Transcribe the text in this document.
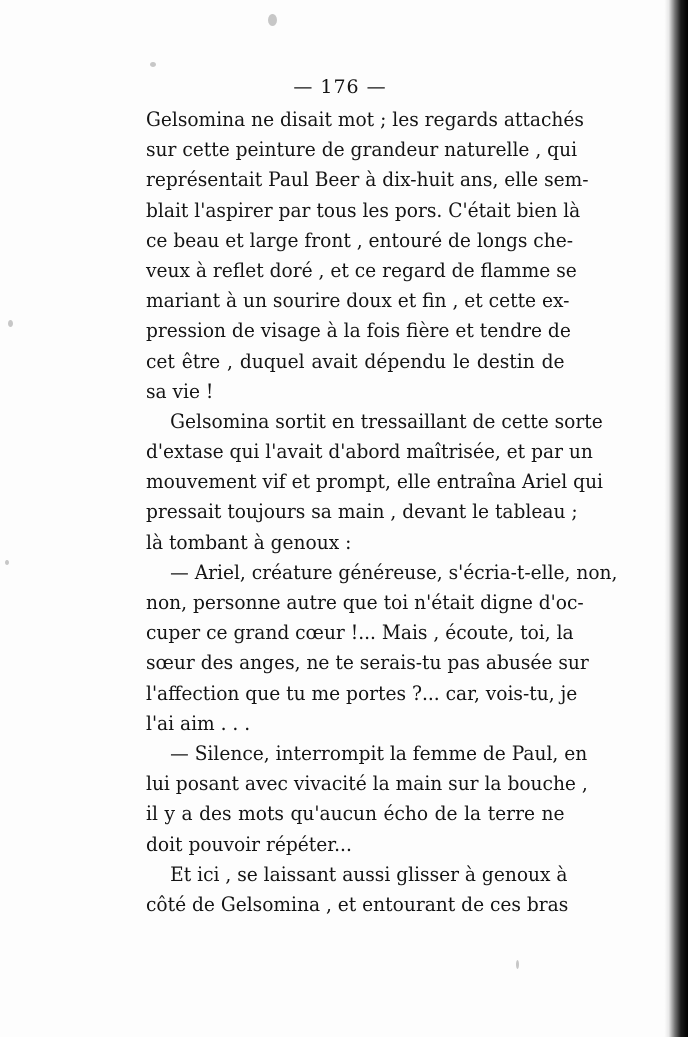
— 176 —
Gelsomina ne disait mot ; les regards attachés
sur cette peinture de grandeur naturelle , qui
représentait Paul Beer à dix-huit ans, elle sem-
blait l'aspirer par tous les pors. C'était bien là
ce beau et large front , entouré de longs che-
veux à reflet doré , et ce regard de flamme se
mariant à un sourire doux et fin , et cette ex-
pression de visage à la fois fière et tendre de
cet être , duquel avait dépendu le destin de
sa vie !
Gelsomina sortit en tressaillant de cette sorte
d'extase qui l'avait d'abord maîtrisée, et par un
mouvement vif et prompt, elle entraîna Ariel qui
pressait toujours sa main , devant le tableau ;
là tombant à genoux :
— Ariel, créature généreuse, s'écria-t-elle, non,
non, personne autre que toi n'était digne d'oc-
cuper ce grand cœur !... Mais , écoute, toi, la
sœur des anges, ne te serais-tu pas abusée sur
l'affection que tu me portes ?... car, vois-tu, je
l'ai aim . . .
— Silence, interrompit la femme de Paul, en
lui posant avec vivacité la main sur la bouche ,
il y a des mots qu'aucun écho de la terre ne
doit pouvoir répéter...
Et ici , se laissant aussi glisser à genoux à
côté de Gelsomina , et entourant de ces bras
